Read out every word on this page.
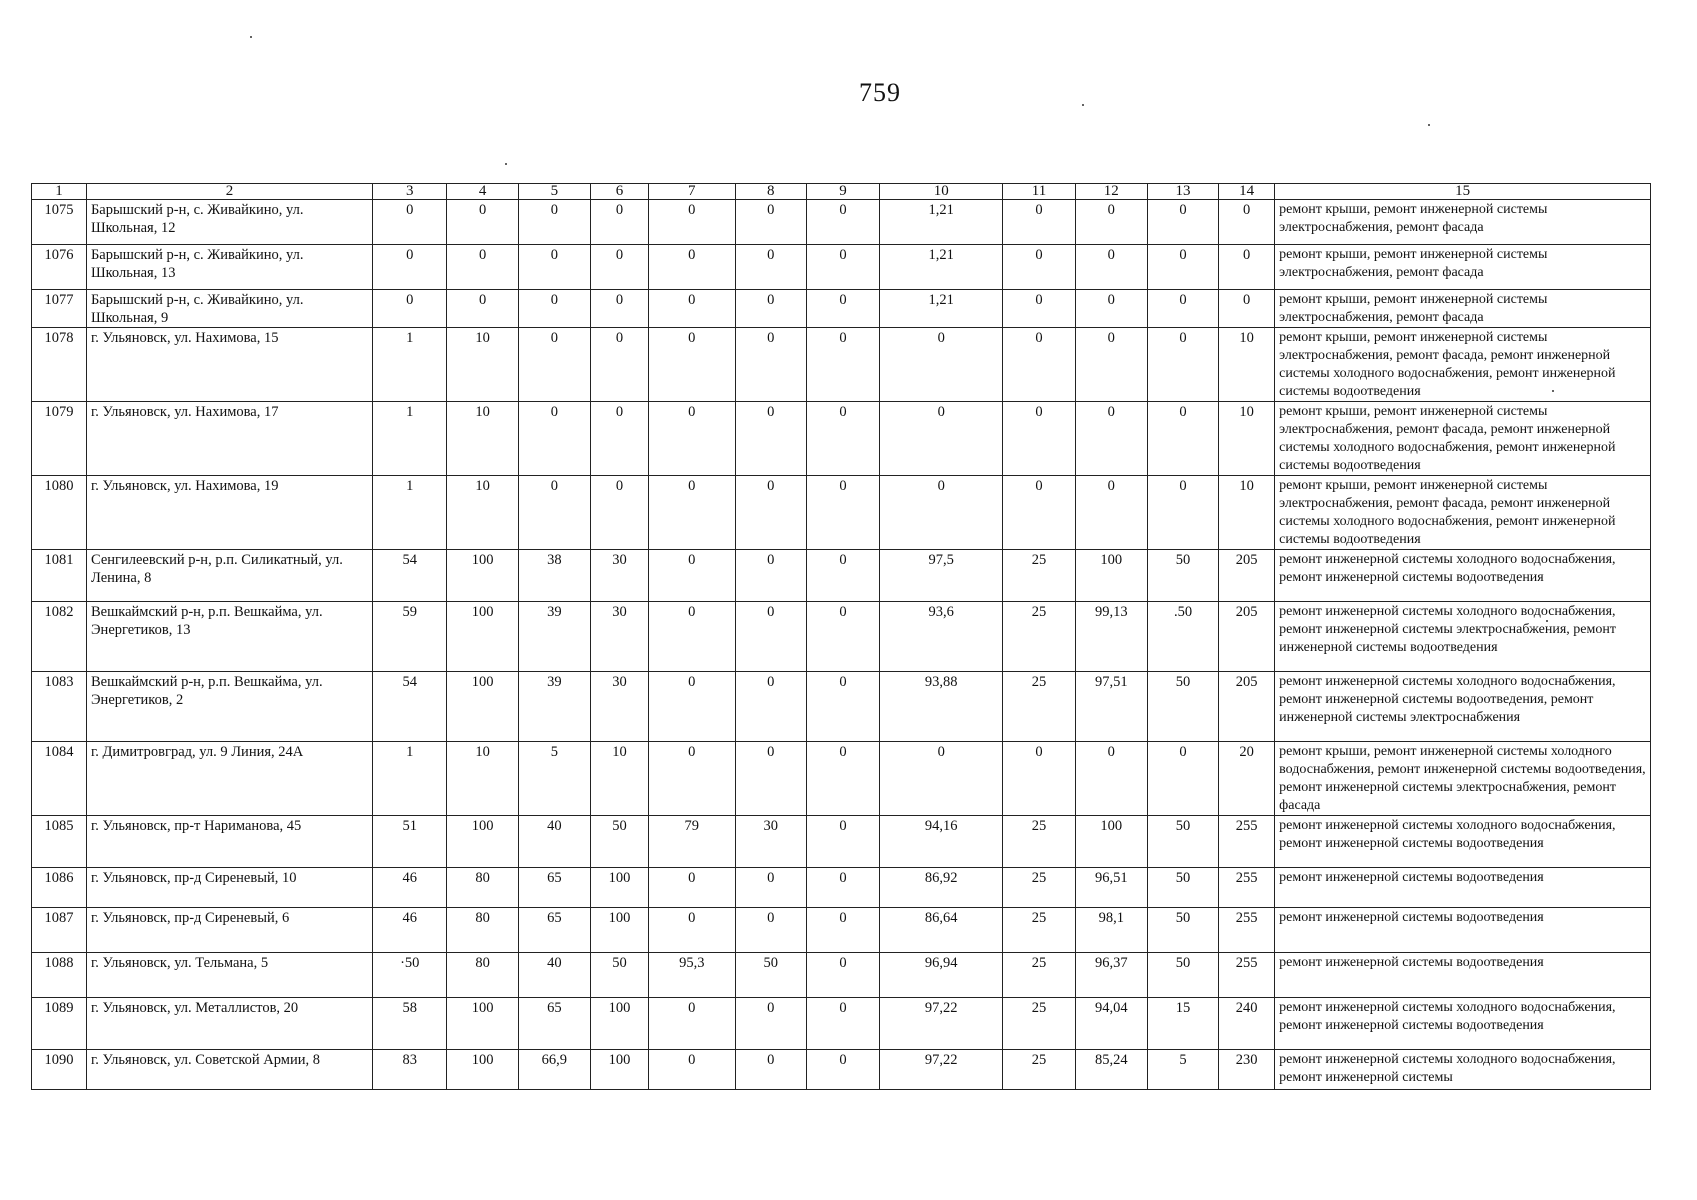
759
1	2	3	4	5	6	7	8	9	10	11	12	13	14	15
1075	Барышский р-н, с. Живайкино, ул. Школьная, 12	0	0	0	0	0	0	0	1,21	0	0	0	0	ремонт крыши, ремонт инженерной системы электроснабжения, ремонт фасада
1076	Барышский р-н, с. Живайкино, ул. Школьная, 13	0	0	0	0	0	0	0	1,21	0	0	0	0	ремонт крыши, ремонт инженерной системы электроснабжения, ремонт фасада
1077	Барышский р-н, с. Живайкино, ул. Школьная, 9	0	0	0	0	0	0	0	1,21	0	0	0	0	ремонт крыши, ремонт инженерной системы электроснабжения, ремонт фасада
1078	г. Ульяновск, ул. Нахимова, 15	1	10	0	0	0	0	0	0	0	0	0	10	ремонт крыши, ремонт инженерной системы электроснабжения, ремонт фасада, ремонт инженерной системы холодного водоснабжения, ремонт инженерной системы водоотведения
1079	г. Ульяновск, ул. Нахимова, 17	1	10	0	0	0	0	0	0	0	0	0	10	ремонт крыши, ремонт инженерной системы электроснабжения, ремонт фасада, ремонт инженерной системы холодного водоснабжения, ремонт инженерной системы водоотведения
1080	г. Ульяновск, ул. Нахимова, 19	1	10	0	0	0	0	0	0	0	0	0	10	ремонт крыши, ремонт инженерной системы электроснабжения, ремонт фасада, ремонт инженерной системы холодного водоснабжения, ремонт инженерной системы водоотведения
1081	Сенгилеевский р-н, р.п. Силикатный, ул. Ленина, 8	54	100	38	30	0	0	0	97,5	25	100	50	205	ремонт инженерной системы холодного водоснабжения, ремонт инженерной системы водоотведения
1082	Вешкаймский р-н, р.п. Вешкайма, ул. Энергетиков, 13	59	100	39	30	0	0	0	93,6	25	99,13	.50	205	ремонт инженерной системы холодного водоснабжения, ремонт инженерной системы электроснабжения, ремонт инженерной системы водоотведения
1083	Вешкаймский р-н, р.п. Вешкайма, ул. Энергетиков, 2	54	100	39	30	0	0	0	93,88	25	97,51	50	205	ремонт инженерной системы холодного водоснабжения, ремонт инженерной системы водоотведения, ремонт инженерной системы электроснабжения
1084	г. Димитровград, ул. 9 Линия, 24А	1	10	5	10	0	0	0	0	0	0	0	20	ремонт крыши, ремонт инженерной системы холодного водоснабжения, ремонт инженерной системы водоотведения, ремонт инженерной системы электроснабжения, ремонт фасада
1085	г. Ульяновск, пр-т Нариманова, 45	51	100	40	50	79	30	0	94,16	25	100	50	255	ремонт инженерной системы холодного водоснабжения, ремонт инженерной системы водоотведения
1086	г. Ульяновск, пр-д Сиреневый, 10	46	80	65	100	0	0	0	86,92	25	96,51	50	255	ремонт инженерной системы водоотведения
1087	г. Ульяновск, пр-д Сиреневый, 6	46	80	65	100	0	0	0	86,64	25	98,1	50	255	ремонт инженерной системы водоотведения
1088	г. Ульяновск, ул. Тельмана, 5	·50	80	40	50	95,3	50	0	96,94	25	96,37	50	255	ремонт инженерной системы водоотведения
1089	г. Ульяновск, ул. Металлистов, 20	58	100	65	100	0	0	0	97,22	25	94,04	15	240	ремонт инженерной системы холодного водоснабжения, ремонт инженерной системы водоотведения
1090	г. Ульяновск, ул. Советской Армии, 8	83	100	66,9	100	0	0	0	97,22	25	85,24	5	230	ремонт инженерной системы холодного водоснабжения, ремонт инженерной системы
